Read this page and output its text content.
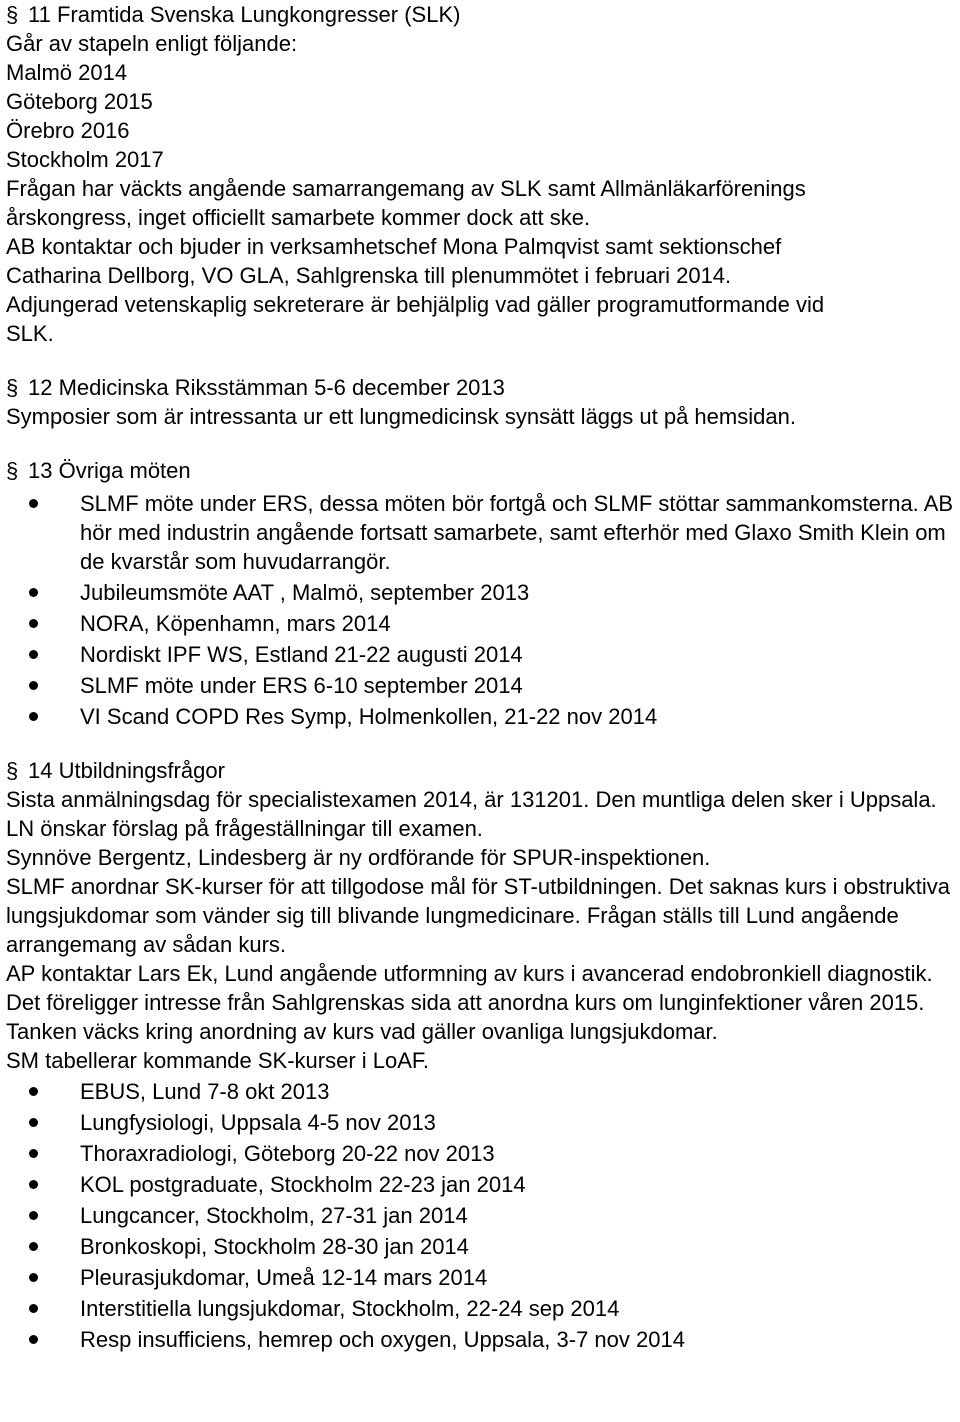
§ 11 Framtida Svenska Lungkongresser (SLK)
Går av stapeln enligt följande:
Malmö 2014
Göteborg 2015
Örebro 2016
Stockholm 2017
Frågan har väckts angående samarrangemang av SLK samt Allmänläkarförenings
årskongress, inget officiellt samarbete kommer dock att ske.
AB kontaktar och bjuder in verksamhetschef Mona Palmqvist samt sektionschef
Catharina Dellborg, VO GLA, Sahlgrenska till plenummötet i februari 2014.
Adjungerad vetenskaplig sekreterare är behjälplig vad gäller programutformande vid
SLK.
§ 12 Medicinska Riksstämman 5-6 december 2013
Symposier som är intressanta ur ett lungmedicinsk synsätt läggs ut på hemsidan.
§ 13 Övriga möten
SLMF möte under ERS, dessa möten bör fortgå och SLMF stöttar sammankomsterna. AB hör med industrin angående fortsatt samarbete, samt efterhör med Glaxo Smith Klein om de kvarstår som huvudarrangör.
Jubileumsmöte AAT , Malmö, september 2013
NORA, Köpenhamn, mars 2014
Nordiskt IPF WS, Estland 21-22 augusti 2014
SLMF möte under ERS 6-10 september 2014
VI Scand COPD Res Symp, Holmenkollen, 21-22 nov 2014
§ 14 Utbildningsfrågor
Sista anmälningsdag för specialistexamen 2014, är 131201. Den muntliga delen sker i Uppsala. LN önskar förslag på frågeställningar till examen.
Synnöve Bergentz, Lindesberg är ny ordförande för SPUR-inspektionen.
SLMF anordnar SK-kurser för att tillgodose mål för ST-utbildningen. Det saknas kurs i obstruktiva lungsjukdomar som vänder sig till blivande lungmedicinare. Frågan ställs till Lund angående arrangemang av sådan kurs.
AP kontaktar Lars Ek, Lund angående utformning av kurs i avancerad endobronkiell diagnostik.
Det föreligger intresse från Sahlgrenskas sida att anordna kurs om lunginfektioner våren 2015.
Tanken väcks kring anordning av kurs vad gäller ovanliga lungsjukdomar.
SM tabellerar kommande SK-kurser i LoAF.
EBUS, Lund 7-8 okt 2013
Lungfysiologi, Uppsala 4-5 nov 2013
Thoraxradiologi, Göteborg 20-22 nov 2013
KOL postgraduate, Stockholm 22-23 jan 2014
Lungcancer, Stockholm, 27-31 jan 2014
Bronkoskopi, Stockholm 28-30 jan 2014
Pleurasjukdomar, Umeå 12-14 mars 2014
Interstitiella lungsjukdomar, Stockholm, 22-24 sep 2014
Resp insufficiens, hemrep och oxygen, Uppsala, 3-7 nov 2014
